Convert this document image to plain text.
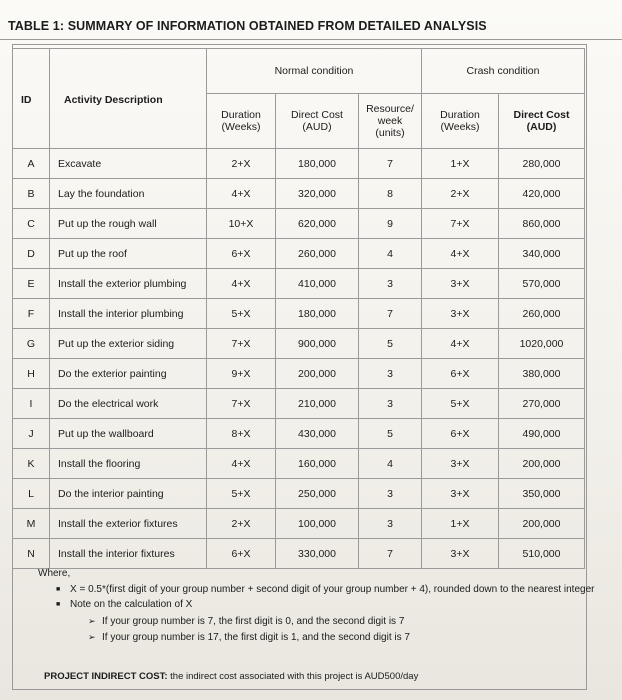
TABLE 1: SUMMARY OF INFORMATION OBTAINED FROM DETAILED ANALYSIS
		Normal condition			Crash condition	
ID	Activity Description	Duration (Weeks)	Direct Cost (AUD)	Resource/ week (units)	Duration (Weeks)	Direct Cost (AUD)
A	Excavate	2+X	180,000	7	1+X	280,000
B	Lay the foundation	4+X	320,000	8	2+X	420,000
C	Put up the rough wall	10+X	620,000	9	7+X	860,000
D	Put up the roof	6+X	260,000	4	4+X	340,000
E	Install the exterior plumbing	4+X	410,000	3	3+X	570,000
F	Install the interior plumbing	5+X	180,000	7	3+X	260,000
G	Put up the exterior siding	7+X	900,000	5	4+X	1020,000
H	Do the exterior painting	9+X	200,000	3	6+X	380,000
I	Do the electrical work	7+X	210,000	3	5+X	270,000
J	Put up the wallboard	8+X	430,000	5	6+X	490,000
K	Install the flooring	4+X	160,000	4	3+X	200,000
L	Do the interior painting	5+X	250,000	3	3+X	350,000
M	Install the exterior fixtures	2+X	100,000	3	1+X	200,000
N	Install the interior fixtures	6+X	330,000	7	3+X	510,000
Where,
■ X = 0.5*(first digit of your group number + second digit of your group number + 4), rounded down to the nearest integer
■ Note on the calculation of X
➢ If your group number is 7, the first digit is 0, and the second digit is 7
➢ If your group number is 17, the first digit is 1, and the second digit is 7
PROJECT INDIRECT COST: the indirect cost associated with this project is AUD500/day
